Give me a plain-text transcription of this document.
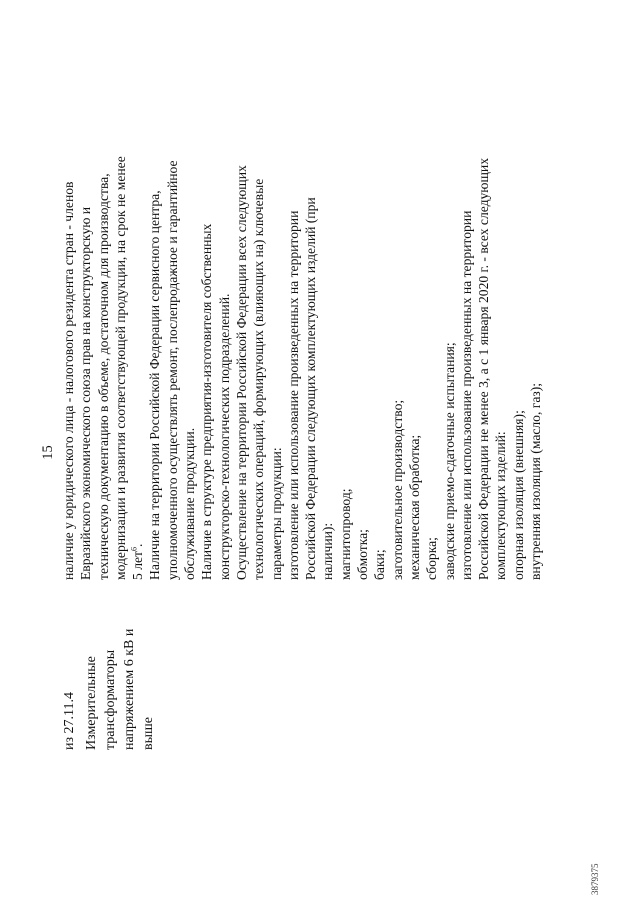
15
из 27.11.4 Измерительные трансформаторы напряжением 6 кВ и выше
наличие у юридического лица - налогового резидента стран - членов Евразийского экономического союза прав на конструкторскую и техническую документацию в объеме, достаточном для производства, модернизации и развития соответствующей продукции, на срок не менее 5 лет$^6$. Наличие на территории Российской Федерации сервисного центра, уполномоченного осуществлять ремонт, послепродажное и гарантийное обслуживание продукции. Наличие в структуре предприятия-изготовителя собственных конструкторско-технологических подразделений. Осуществление на территории Российской Федерации всех следующих технологических операций, формирующих (влияющих на) ключевые параметры продукции: изготовление или использование произведенных на территории Российской Федерации следующих комплектующих изделий (при наличии): магнитопровод; обмотка; баки; заготовительное производство; механическая обработка; сборка; заводские приемо-сдаточные испытания; изготовление или использование произведенных на территории Российской Федерации не менее 3, а с 1 января 2020 г. - всех следующих комплектующих изделий: опорная изоляция (внешняя); внутренняя изоляция (масло, газ);
3879375
